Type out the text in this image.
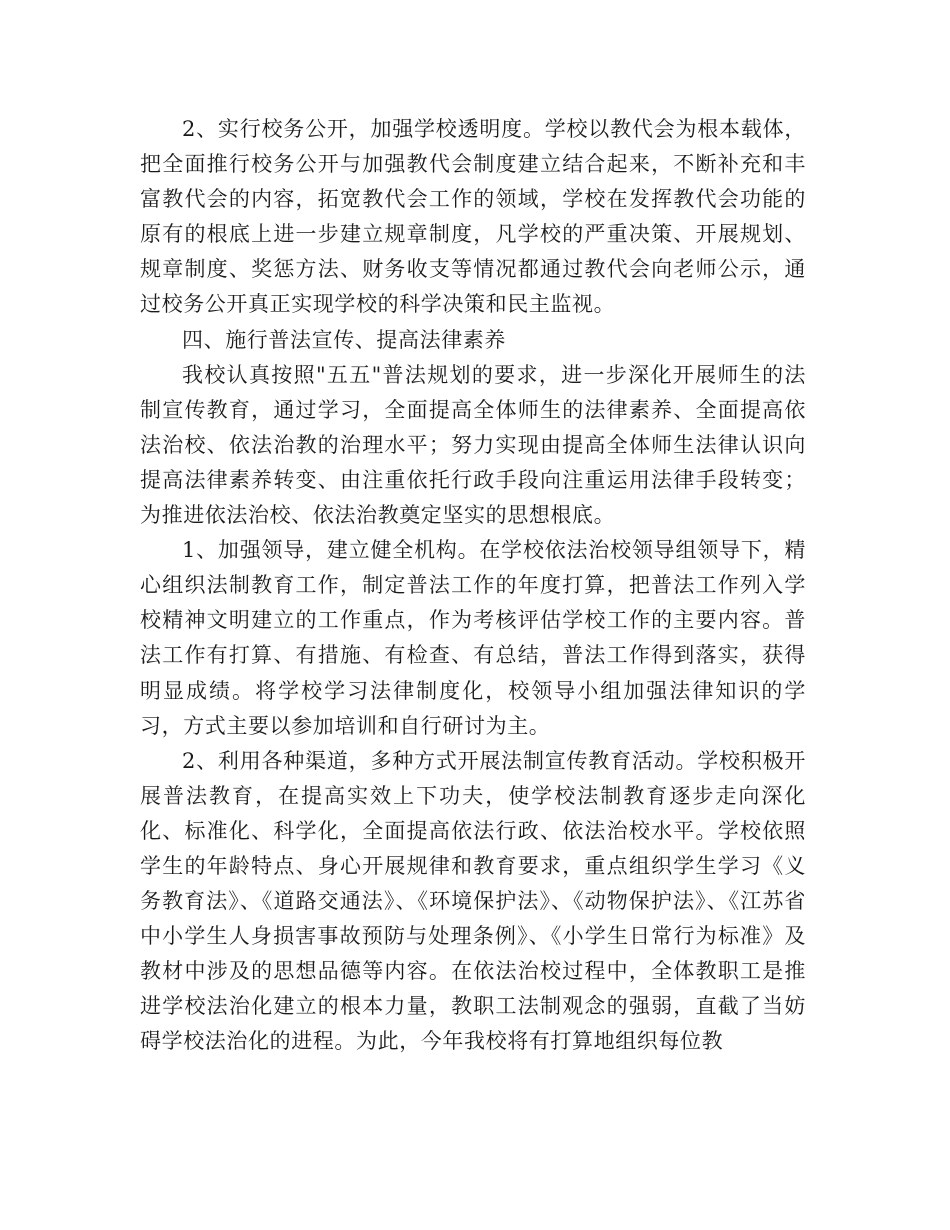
2、实行校务公开，加强学校透明度。学校以教代会为根本载体，把全面推行校务公开与加强教代会制度建立结合起来，不断补充和丰富教代会的内容，拓宽教代会工作的领域，学校在发挥教代会功能的原有的根底上进一步建立规章制度，凡学校的严重决策、开展规划、规章制度、奖惩方法、财务收支等情况都通过教代会向老师公示，通过校务公开真正实现学校的科学决策和民主监视。

四、施行普法宣传、提高法律素养

我校认真按照"五五"普法规划的要求，进一步深化开展师生的法制宣传教育，通过学习，全面提高全体师生的法律素养、全面提高依法治校、依法治教的治理水平；努力实现由提高全体师生法律认识向提高法律素养转变、由注重依托行政手段向注重运用法律手段转变；为推进依法治校、依法治教奠定坚实的思想根底。

1、加强领导，建立健全机构。在学校依法治校领导组领导下，精心组织法制教育工作，制定普法工作的年度打算，把普法工作列入学校精神文明建立的工作重点，作为考核评估学校工作的主要内容。普法工作有打算、有措施、有检查、有总结，普法工作得到落实，获得明显成绩。将学校学习法律制度化，校领导小组加强法律知识的学习，方式主要以参加培训和自行研讨为主。

2、利用各种渠道，多种方式开展法制宣传教育活动。学校积极开展普法教育，在提高实效上下功夫，使学校法制教育逐步走向深化化、标准化、科学化，全面提高依法行政、依法治校水平。学校依照学生的年龄特点、身心开展规律和教育要求，重点组织学生学习《义务教育法》、《道路交通法》、《环境保护法》、《动物保护法》、《江苏省中小学生人身损害事故预防与处理条例》、《小学生日常行为标准》及教材中涉及的思想品德等内容。在依法治校过程中，全体教职工是推进学校法治化建立的根本力量，教职工法制观念的强弱，直截了当妨碍学校法治化的进程。为此，今年我校将有打算地组织每位教
